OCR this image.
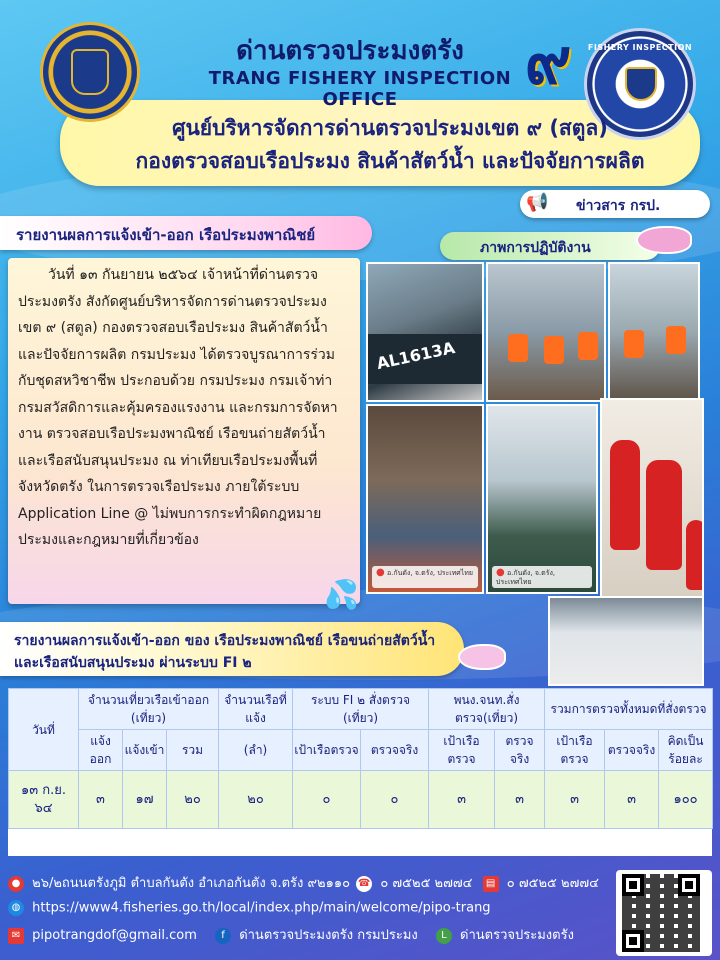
FISHERY INSPECTION
ด่านตรวจประมงตรัง
TRANG FISHERY INSPECTION OFFICE
๙
ศูนย์บริหารจัดการด่านตรวจประมงเขต ๙ (สตูล)
กองตรวจสอบเรือประมง สินค้าสัตว์น้ำ และปัจจัยการผลิต
📢 ข่าวสาร กรป.
รายงานผลการแจ้งเข้า-ออก เรือประมงพาณิชย์
ภาพการปฏิบัติงาน
วันที่ ๑๓ กันยายน ๒๕๖๔ เจ้าหน้าที่ด่านตรวจประมงตรัง สังกัดศูนย์บริหารจัดการด่านตรวจประมง เขต ๙ (สตูล) กองตรวจสอบเรือประมง สินค้าสัตว์น้ำ และปัจจัยการผลิต กรมประมง ได้ตรวจบูรณาการร่วมกับชุดสหวิชาชีพ ประกอบด้วย กรมประมง กรมเจ้าท่า กรมสวัสดิการและคุ้มครองแรงงาน และกรมการจัดหางาน ตรวจสอบเรือประมงพาณิชย์ เรือขนถ่ายสัตว์น้ำและเรือสนับสนุนประมง ณ ท่าเทียบเรือประมงพื้นที่จังหวัดตรัง ในการตรวจเรือประมง ภายใต้ระบบ Application Line @ ไม่พบการกระทำผิดกฎหมายประมงและกฎหมายที่เกี่ยวข้อง
💦
AL1613A
● อ.กันตัง, จ.ตรัง, ประเทศไทย	● อ.กันตัง, จ.ตรัง, ประเทศไทย
รายงานผลการแจ้งเข้า-ออก ของ เรือประมงพาณิชย์ เรือขนถ่ายสัตว์น้ำ
และเรือสนับสนุนประมง ผ่านระบบ FI ๒
วันที่	จำนวนเที่ยวเรือเข้าออก (เที่ยว)			จำนวนเรือที่แจ้ง	ระบบ FI ๒ สั่งตรวจ (เที่ยว)		พนง.จนท.สั่งตรวจ(เที่ยว)		รวมการตรวจทั้งหมดที่สั่งตรวจ		
	แจ้งออก	แจ้งเข้า	รวม	(ลำ)	เป้าเรือตรวจ	ตรวจจริง	เป้าเรือตรวจ	ตรวจจริง	เป้าเรือตรวจ	ตรวจจริง	คิดเป็นร้อยละ
๑๓ ก.ย. ๖๔	๓	๑๗	๒๐	๒๐	๐	๐	๓	๓	๓	๓	๑๐๐
● ๒๖/๒ถนนตรังภูมิ ตำบลกันตัง อำเภอกันตัง จ.ตรัง ๙๒๑๑๐ ☎ ๐ ๗๕๒๕ ๒๗๗๔ ▤ ๐ ๗๕๒๕ ๒๗๗๔
◍ https://www4.fisheries.go.th/local/index.php/main/welcome/pipo-trang
✉ pipotrangdof@gmail.com f ด่านตรวจประมงตรัง กรมประมง L ด่านตรวจประมงตรัง
